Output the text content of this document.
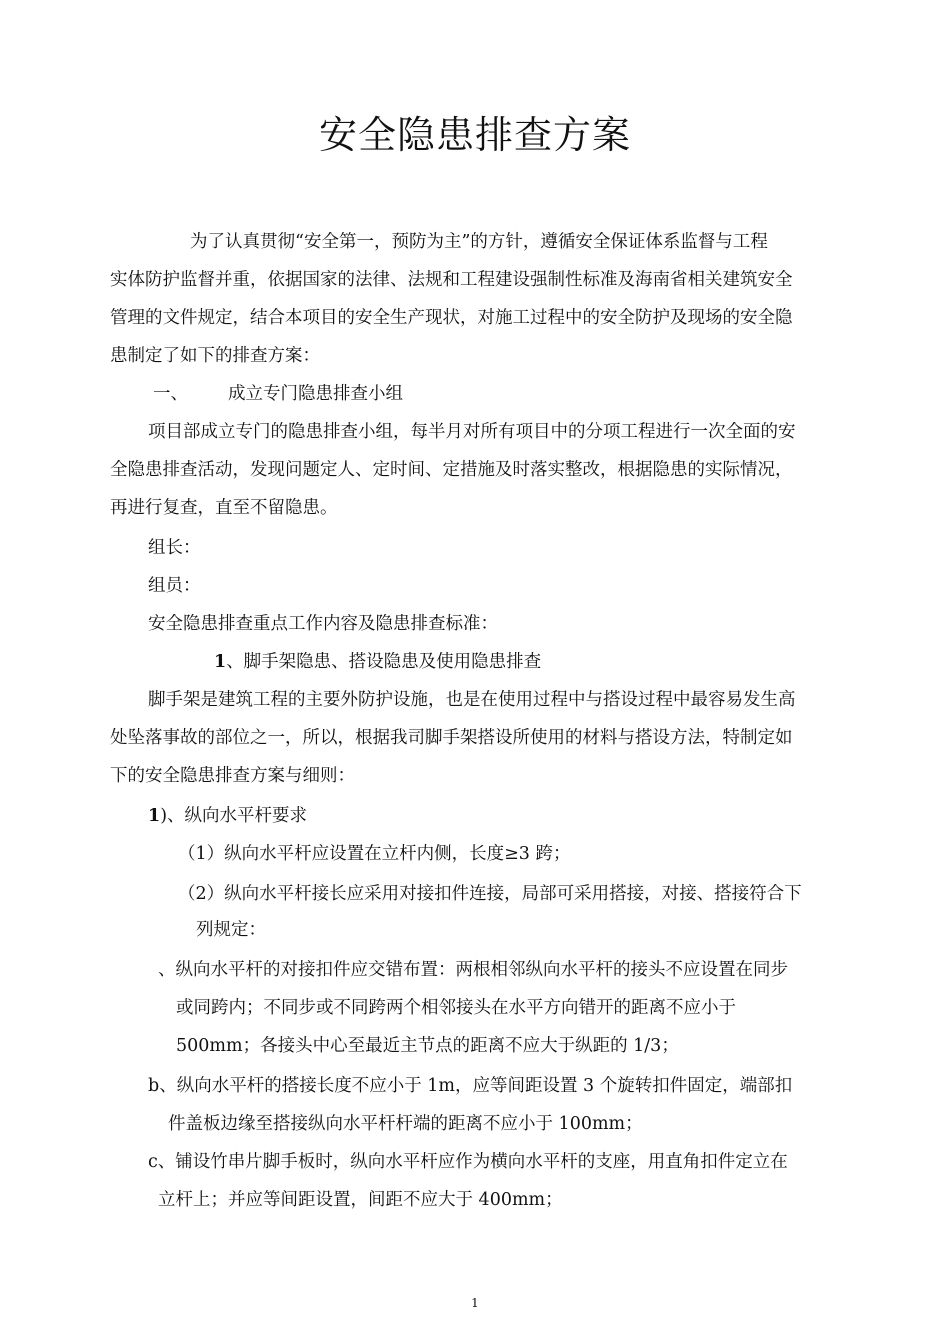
安全隐患排查方案
为了认真贯彻“安全第一，预防为主”的方针，遵循安全保证体系监督与工程
实体防护监督并重，依据国家的法律、法规和工程建设强制性标准及海南省相关建筑安全
管理的文件规定，结合本项目的安全生产现状，对施工过程中的安全防护及现场的安全隐
患制定了如下的排查方案：
一、	成立专门隐患排查小组
项目部成立专门的隐患排查小组，每半月对所有项目中的分项工程进行一次全面的安
全隐患排查活动，发现问题定人、定时间、定措施及时落实整改，根据隐患的实际情况，
再进行复查，直至不留隐患。
组长：
组员：
安全隐患排查重点工作内容及隐患排查标准：
1、脚手架隐患、搭设隐患及使用隐患排查
脚手架是建筑工程的主要外防护设施，也是在使用过程中与搭设过程中最容易发生高
处坠落事故的部位之一，所以，根据我司脚手架搭设所使用的材料与搭设方法，特制定如
下的安全隐患排查方案与细则：
1)、纵向水平杆要求
（1）纵向水平杆应设置在立杆内侧，长度≥3 跨；
（2）纵向水平杆接长应采用对接扣件连接，局部可采用搭接，对接、搭接符合下
列规定：
、纵向水平杆的对接扣件应交错布置：两根相邻纵向水平杆的接头不应设置在同步
或同跨内；不同步或不同跨两个相邻接头在水平方向错开的距离不应小于
500mm；各接头中心至最近主节点的距离不应大于纵距的 1/3；
b、纵向水平杆的搭接长度不应小于 1m，应等间距设置 3 个旋转扣件固定，端部扣
件盖板边缘至搭接纵向水平杆杆端的距离不应小于 100mm；
c、铺设竹串片脚手板时，纵向水平杆应作为横向水平杆的支座，用直角扣件定立在
立杆上；并应等间距设置，间距不应大于 400mm；
1
